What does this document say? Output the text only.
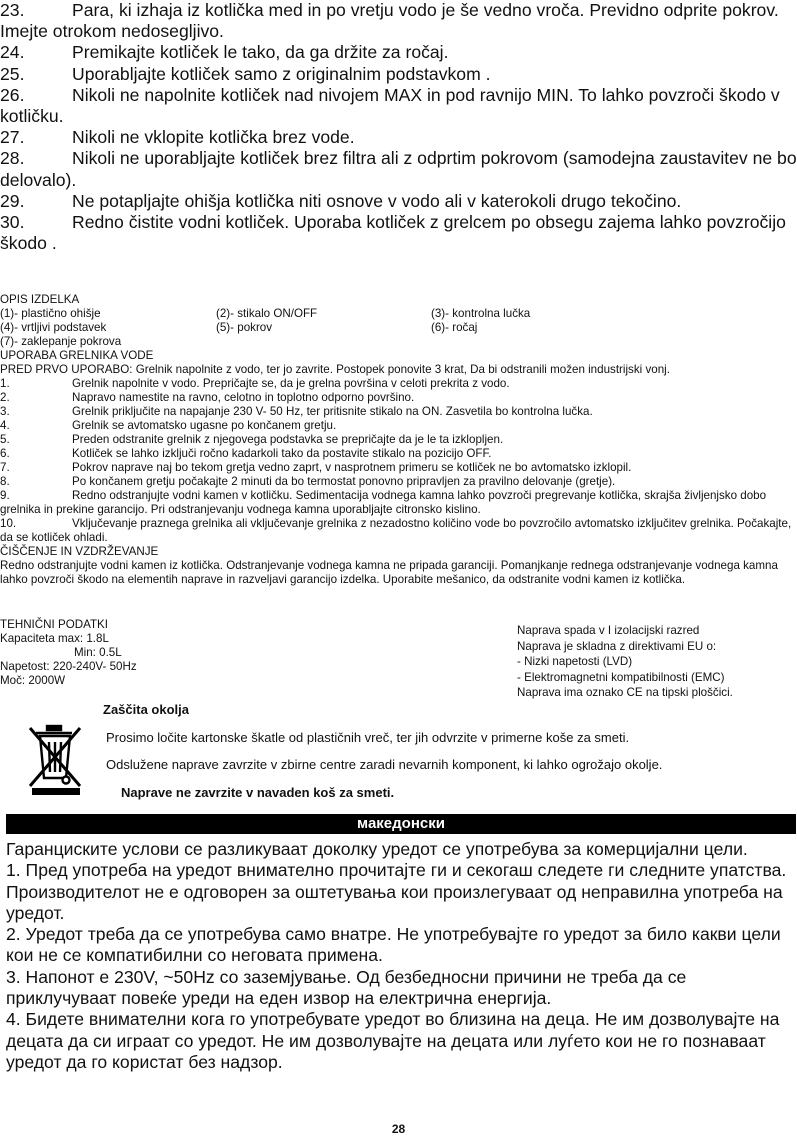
23.	Para, ki izhaja iz kotlička med in po vretju vodo je še vedno vroča. Previdno odprite pokrov. Imejte otrokom nedosegljivo.
24.	Premikajte kotliček le tako, da ga držite za ročaj.
25.	Uporabljajte kotliček samo z originalnim podstavkom .
26.	Nikoli ne napolnite kotliček nad nivojem MAX in pod ravnijo MIN. To lahko povzroči škodo v kotličku.
27.	Nikoli ne vklopite kotlička brez vode.
28.	Nikoli ne uporabljajte kotliček brez filtra ali z odprtim pokrovom (samodejna zaustavitev ne bo delovalo).
29.	Ne potapljajte ohišja kotlička niti osnove v vodo ali v katerokoli drugo tekočino.
30.	Redno čistite vodni kotliček. Uporaba kotliček z grelcem po obsegu zajema lahko povzročijo škodo .
OPIS IZDELKA
(1)- plastično ohišje	(2)- stikalo ON/OFF	(3)- kontrolna lučka
(4)- vrtljivi podstavek	(5)- pokrov	(6)- ročaj
(7)- zaklepanje pokrova
UPORABA GRELNIKA VODE
PRED PRVO UPORABO: Grelnik napolnite z vodo, ter jo zavrite. Postopek ponovite 3 krat, Da bi odstranili možen industrijski vonj.
1.	Grelnik napolnite v vodo. Prepričajte se, da je grelna površina v celoti prekrita z vodo.
2.	Napravo namestite na ravno, celotno in toplotno odporno površino.
3.	Grelnik priključite na napajanje 230 V- 50 Hz, ter pritisnite stikalo na ON. Zasvetila bo kontrolna lučka.
4.	Grelnik se avtomatsko ugasne po končanem gretju.
5.	Preden odstranite grelnik z njegovega podstavka se prepričajte da je le ta izklopljen.
6.	Kotliček se lahko izključi ročno kadarkoli tako da postavite stikalo na pozicijo OFF.
7.	Pokrov naprave naj bo tekom gretja vedno zaprt, v nasprotnem primeru se kotliček ne bo avtomatsko izklopil.
8.	Po končanem gretju počakajte 2 minuti da bo termostat ponovno pripravljen za pravilno delovanje (gretje).
9.	Redno odstranjujte vodni kamen v kotličku. Sedimentacija vodnega kamna lahko povzroči pregrevanje kotlička, skrajša življenjsko dobo grelnika in prekine garancijo. Pri odstranjevanju vodnega kamna uporabljajte citronsko kislino.
10.	Vključevanje praznega grelnika ali vključevanje grelnika z nezadostno količino vode bo povzročilo avtomatsko izključitev grelnika. Počakajte, da se kotliček ohladi.
ČIŠČENJE IN VZDRŽEVANJE
Redno odstranjujte vodni kamen iz kotlička. Odstranjevanje vodnega kamna ne pripada garanciji. Pomanjkanje rednega odstranjevanje vodnega kamna lahko povzroči škodo na elementih naprave in razveljavi garancijo izdelka. Uporabite mešanico, da odstranite vodni kamen iz kotlička.
TEHNIČNI PODATKI
Kapaciteta max: 1.8L
Min: 0.5L
Napetost: 220-240V- 50Hz
Moč: 2000W
Naprava spada v I izolacijski razred
Naprava je skladna z direktivami EU o:
- Nizki napetosti (LVD)
- Elektromagnetni kompatibilnosti (EMC)
Naprava ima oznako CE na tipski ploščici.
Zaščita okolja
Prosimo ločite kartonske škatle od plastičnih vreč, ter jih odvrzite v primerne koše za smeti.
Odslužene naprave zavrzite v zbirne centre zaradi nevarnih komponent, ki lahko ogrožajo okolje.
Naprave ne zavrzite v navaden koš za smeti.
македонски

Гаранциските услови се разликуваат доколку уредот се употребува за комерцијални цели.

1. Пред употреба на уредот внимателно прочитајте ги и секогаш следете ги следните упатства. Производителот не е одговорен за оштетувања кои произлегуваат од неправилна употреба на уредот.

2. Уредот треба да се употребува само внатре. Не употребувајте го уредот за било какви цели кои не се компатибилни со неговата примена.

3. Напонот е 230V, ~50Hz со заземјување. Од безбедносни причини не треба да се приклучуваат повеќе уреди на еден извор на електрична енергија.

4. Бидете внимателни кога го употребувате уредот во близина на деца. Не им дозволувајте на децата да си играат со уредот. Не им дозволувајте на децата или луѓето кои не го познаваат уредот да го користат без надзор.

28
